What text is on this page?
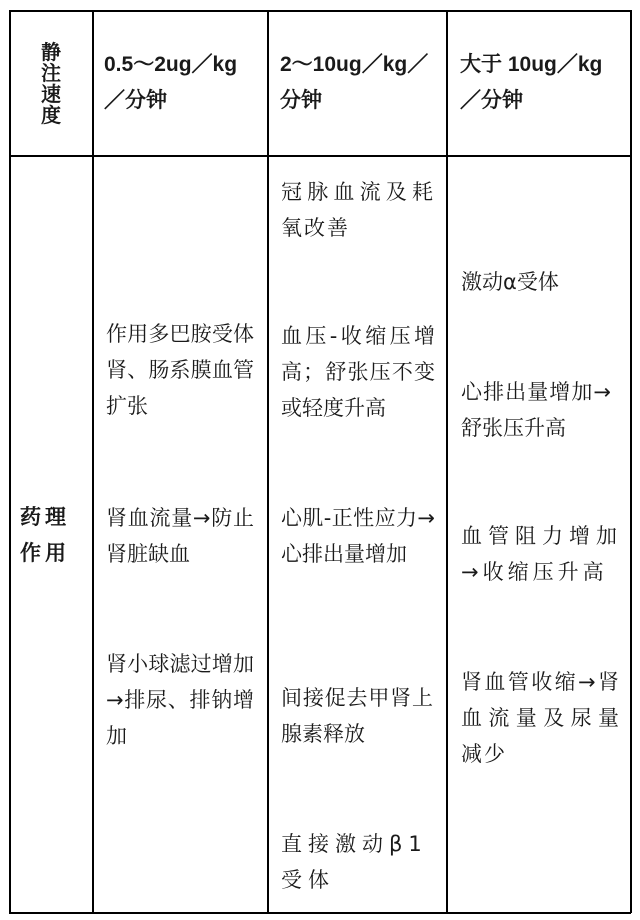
静注速度
0.5～2ug／kg／分钟
2～10ug／kg／分钟
大于 10ug／kg／分钟
药理作用
作用多巴胺受体肾、肠系膜血管扩张
肾血流量→防止肾脏缺血
肾小球滤过增加→排尿、排钠增加
冠脉血流及耗氧改善
血压-收缩压增高；舒张压不变或轻度升高
心肌-正性应力→心排出量增加
间接促去甲肾上腺素释放
直接激动β1受体
激动α受体
心排出量增加→舒张压升高
血管阻力增加→收缩压升高
肾血管收缩→肾血流量及尿量减少
